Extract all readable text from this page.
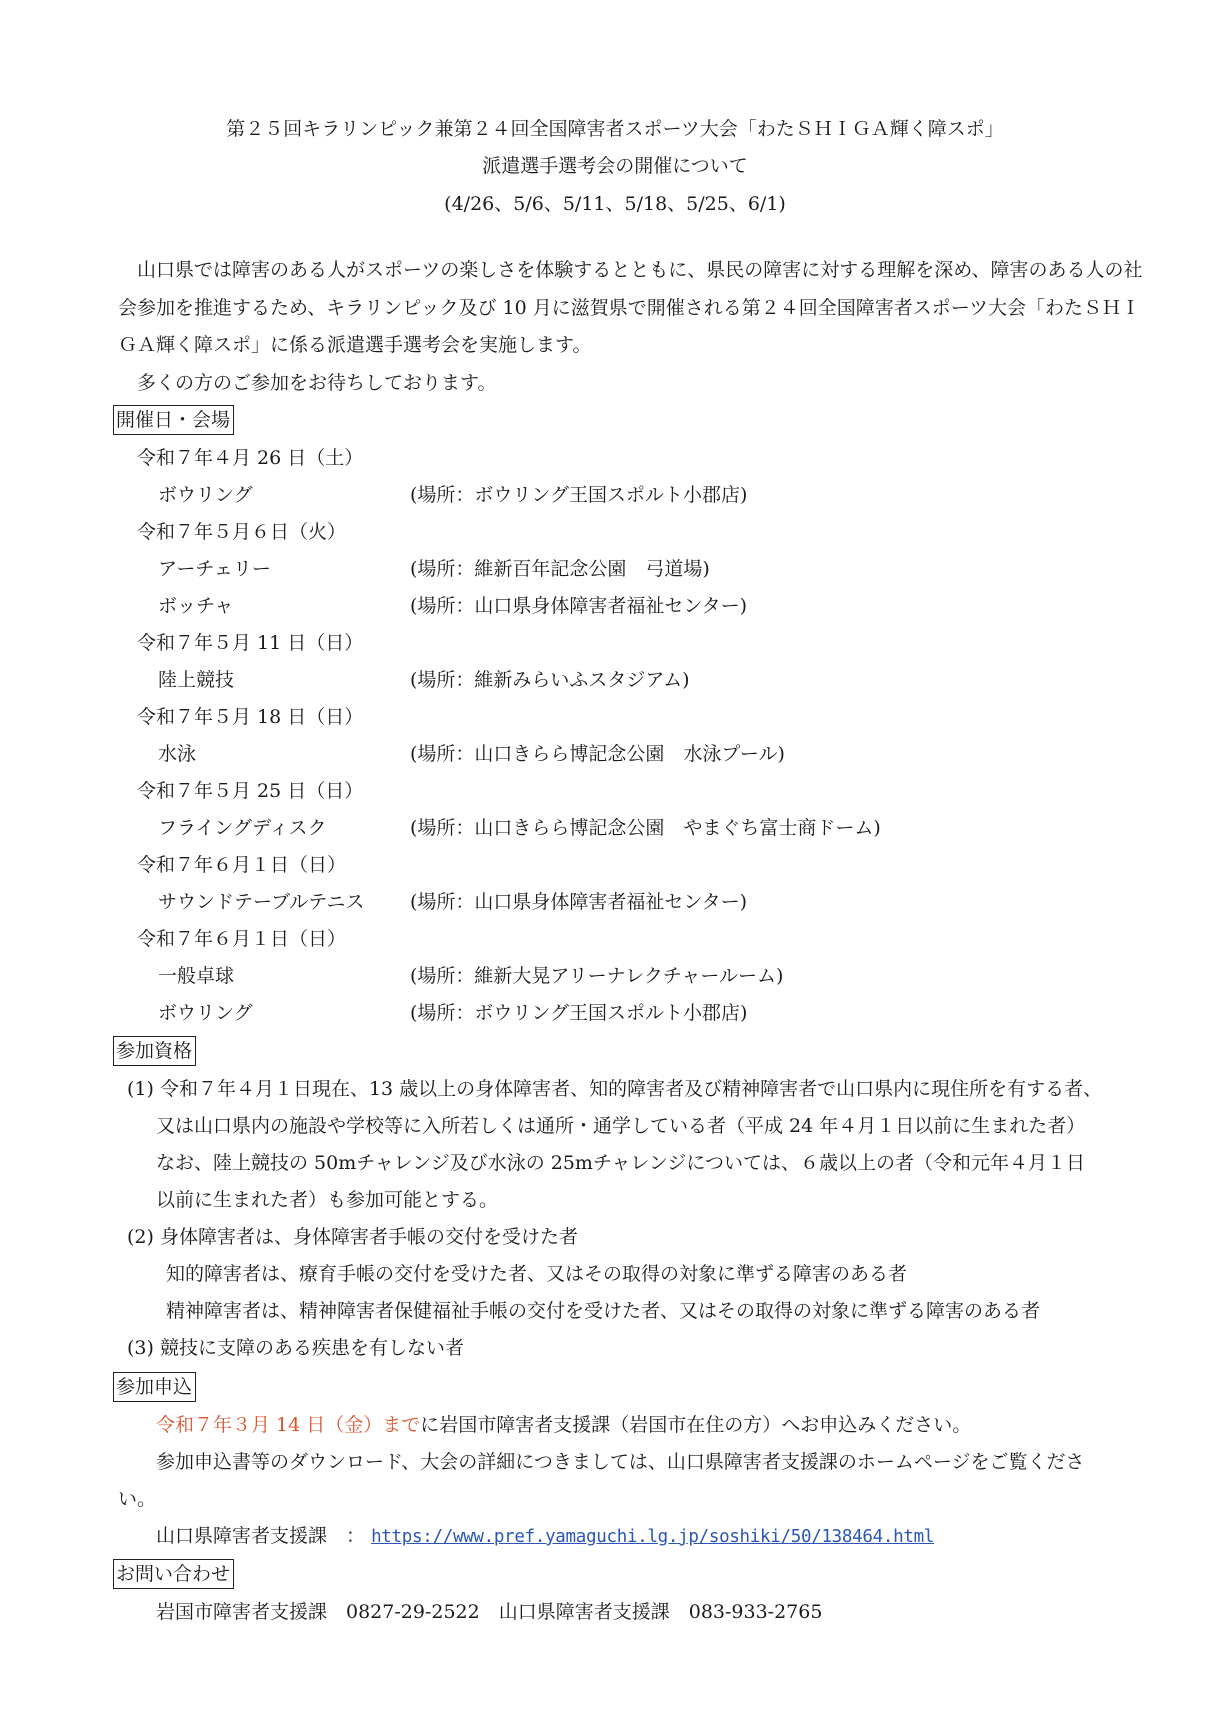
第２５回キラリンピック兼第２４回全国障害者スポーツ大会「わたＳＨＩＧＡ輝く障スポ」
派遣選手選考会の開催について
(4/26、5/6、5/11、5/18、5/25、6/1)

山口県では障害のある人がスポーツの楽しさを体験するとともに、県民の障害に対する理解を深め、障害のある人の社会参加を推進するため、キラリンピック及び 10 月に滋賀県で開催される第２４回全国障害者スポーツ大会「わたＳＨＩＧＡ輝く障スポ」に係る派遣選手選考会を実施します。

多くの方のご参加をお待ちしております。

開催日・会場
令和７年４月 26 日（土）
ボウリング	(場所：ボウリング王国スポルト小郡店)
令和７年５月６日（火）
アーチェリー	(場所：維新百年記念公園　弓道場)
ボッチャ	(場所：山口県身体障害者福祉センター)
令和７年５月 11 日（日）
陸上競技	(場所：維新みらいふスタジアム)
令和７年５月 18 日（日）
水泳	(場所：山口きらら博記念公園　水泳プール)
令和７年５月 25 日（日）
フライングディスク	(場所：山口きらら博記念公園　やまぐち富士商ドーム)
令和７年６月１日（日）
サウンドテーブルテニス (場所：山口県身体障害者福祉センター)
令和７年６月１日（日）
一般卓球	(場所：維新大晃アリーナレクチャールーム)
ボウリング	(場所：ボウリング王国スポルト小郡店)
参加資格
(1) 令和７年４月１日現在、13 歳以上の身体障害者、知的障害者及び精神障害者で山口県内に現住所を有する者、
又は山口県内の施設や学校等に入所若しくは通所・通学している者（平成 24 年４月１日以前に生まれた者）
なお、陸上競技の 50mチャレンジ及び水泳の 25mチャレンジについては、６歳以上の者（令和元年４月１日
以前に生まれた者）も参加可能とする。
(2) 身体障害者は、身体障害者手帳の交付を受けた者
知的障害者は、療育手帳の交付を受けた者、又はその取得の対象に準ずる障害のある者
精神障害者は、精神障害者保健福祉手帳の交付を受けた者、又はその取得の対象に準ずる障害のある者
(3) 競技に支障のある疾患を有しない者
参加申込
令和７年３月 14 日（金）までに岩国市障害者支援課（岩国市在住の方）へお申込みください。
参加申込書等のダウンロード、大会の詳細につきましては、山口県障害者支援課のホームページをご覧くださ
い。
山口県障害者支援課　： https://www.pref.yamaguchi.lg.jp/soshiki/50/138464.html
お問い合わせ
岩国市障害者支援課　0827-29-2522　山口県障害者支援課　083-933-2765
